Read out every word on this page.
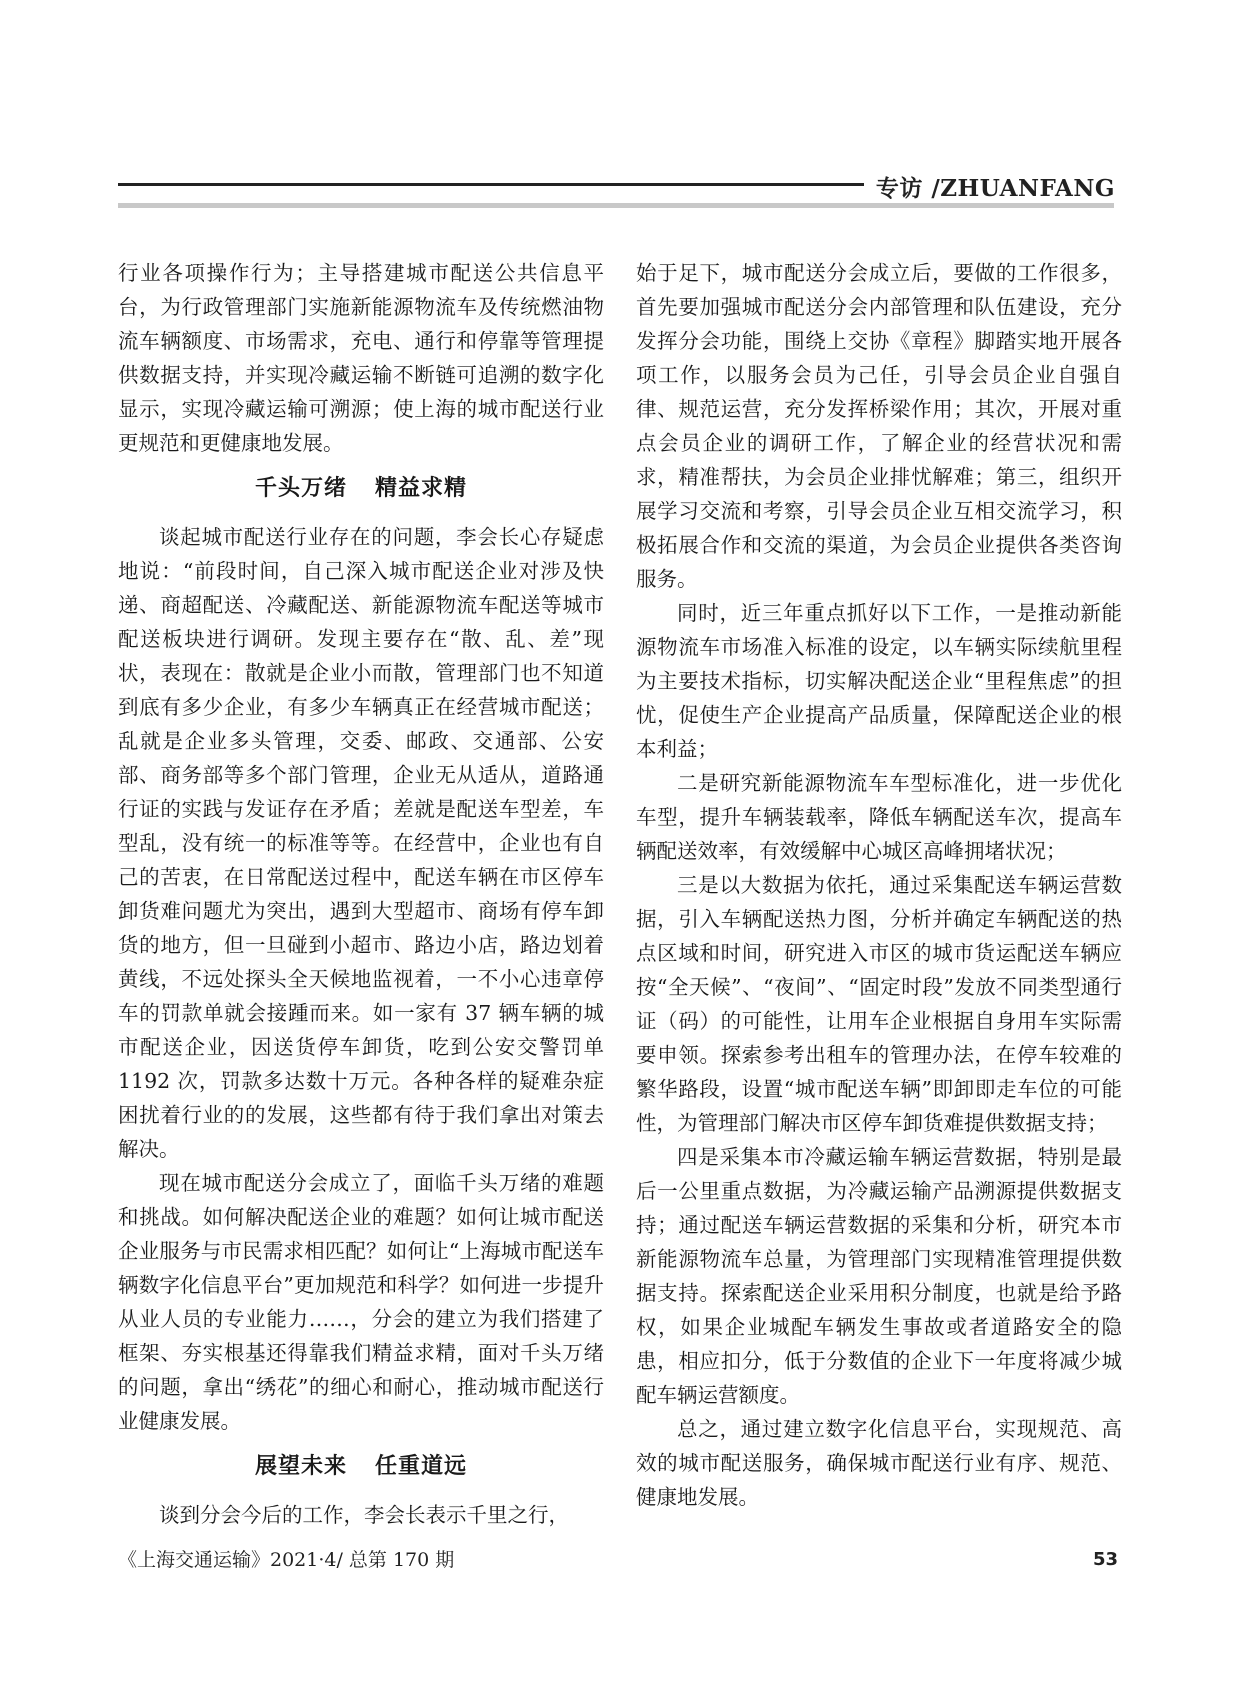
专访 /ZHUANFANG

行业各项操作行为；主导搭建城市配送公共信息平台，为行政管理部门实施新能源物流车及传统燃油物流车辆额度、市场需求，充电、通行和停靠等管理提供数据支持，并实现冷藏运输不断链可追溯的数字化显示，实现冷藏运输可溯源；使上海的城市配送行业更规范和更健康地发展。

千头万绪 精益求精

谈起城市配送行业存在的问题，李会长心存疑虑地说：“前段时间，自己深入城市配送企业对涉及快递、商超配送、冷藏配送、新能源物流车配送等城市配送板块进行调研。发现主要存在“散、乱、差”现状，表现在：散就是企业小而散，管理部门也不知道到底有多少企业，有多少车辆真正在经营城市配送；乱就是企业多头管理，交委、邮政、交通部、公安部、商务部等多个部门管理，企业无从适从，道路通行证的实践与发证存在矛盾；差就是配送车型差，车型乱，没有统一的标准等等。在经营中，企业也有自己的苦衷，在日常配送过程中，配送车辆在市区停车卸货难问题尤为突出，遇到大型超市、商场有停车卸货的地方，但一旦碰到小超市、路边小店，路边划着黄线，不远处探头全天候地监视着，一不小心违章停车的罚款单就会接踵而来。如一家有 37 辆车辆的城市配送企业，因送货停车卸货，吃到公安交警罚单1192 次，罚款多达数十万元。各种各样的疑难杂症困扰着行业的的发展，这些都有待于我们拿出对策去解决。

现在城市配送分会成立了，面临千头万绪的难题和挑战。如何解决配送企业的难题？如何让城市配送企业服务与市民需求相匹配？如何让“上海城市配送车辆数字化信息平台”更加规范和科学？如何进一步提升从业人员的专业能力……，分会的建立为我们搭建了框架、夯实根基还得靠我们精益求精，面对千头万绪的问题，拿出“绣花”的细心和耐心，推动城市配送行业健康发展。

展望未来 任重道远

谈到分会今后的工作，李会长表示千里之行，

始于足下，城市配送分会成立后，要做的工作很多，首先要加强城市配送分会内部管理和队伍建设，充分发挥分会功能，围绕上交协《章程》脚踏实地开展各项工作，以服务会员为己任，引导会员企业自强自律、规范运营，充分发挥桥梁作用；其次，开展对重点会员企业的调研工作，了解企业的经营状况和需求，精准帮扶，为会员企业排忧解难；第三，组织开展学习交流和考察，引导会员企业互相交流学习，积极拓展合作和交流的渠道，为会员企业提供各类咨询服务。

同时，近三年重点抓好以下工作，一是推动新能源物流车市场准入标准的设定，以车辆实际续航里程为主要技术指标，切实解决配送企业“里程焦虑”的担忧，促使生产企业提高产品质量，保障配送企业的根本利益；

二是研究新能源物流车车型标准化，进一步优化车型，提升车辆装载率，降低车辆配送车次，提高车辆配送效率，有效缓解中心城区高峰拥堵状况；

三是以大数据为依托，通过采集配送车辆运营数据，引入车辆配送热力图，分析并确定车辆配送的热点区域和时间，研究进入市区的城市货运配送车辆应按“全天候”、“夜间”、“固定时段”发放不同类型通行证（码）的可能性，让用车企业根据自身用车实际需要申领。探索参考出租车的管理办法，在停车较难的繁华路段，设置“城市配送车辆”即卸即走车位的可能性，为管理部门解决市区停车卸货难提供数据支持；

四是采集本市冷藏运输车辆运营数据，特别是最后一公里重点数据，为冷藏运输产品溯源提供数据支持；通过配送车辆运营数据的采集和分析，研究本市新能源物流车总量，为管理部门实现精准管理提供数据支持。探索配送企业采用积分制度，也就是给予路权，如果企业城配车辆发生事故或者道路安全的隐患，相应扣分，低于分数值的企业下一年度将减少城配车辆运营额度。

总之，通过建立数字化信息平台，实现规范、高效的城市配送服务，确保城市配送行业有序、规范、健康地发展。

《上海交通运输》2021·4/ 总第 170 期	53
